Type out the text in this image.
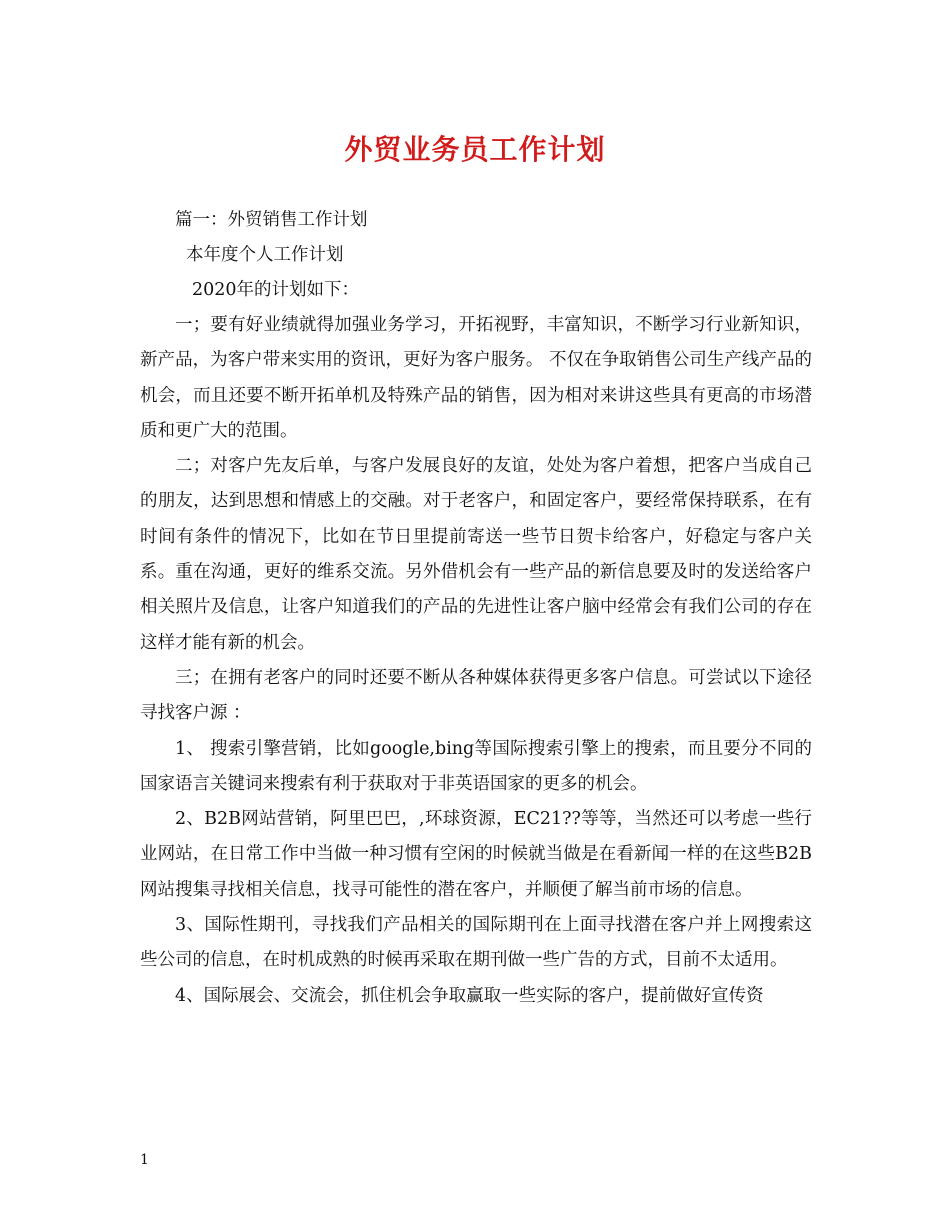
外贸业务员工作计划

篇一：外贸销售工作计划

本年度个人工作计划

2020年的计划如下：

一；要有好业绩就得加强业务学习，开拓视野，丰富知识，不断学习行业新知识，新产品，为客户带来实用的资讯，更好为客户服务。 不仅在争取销售公司生产线产品的机会，而且还要不断开拓单机及特殊产品的销售，因为相对来讲这些具有更高的市场潜质和更广大的范围。

二；对客户先友后单，与客户发展良好的友谊，处处为客户着想，把客户当成自己的朋友，达到思想和情感上的交融。对于老客户，和固定客户，要经常保持联系，在有时间有条件的情况下，比如在节日里提前寄送一些节日贺卡给客户，好稳定与客户关系。重在沟通，更好的维系交流。另外借机会有一些产品的新信息要及时的发送给客户相关照片及信息，让客户知道我们的产品的先进性让客户脑中经常会有我们公司的存在这样才能有新的机会。

三；在拥有老客户的同时还要不断从各种媒体获得更多客户信息。可尝试以下途径寻找客户源 ：

1、 搜索引擎营销，比如google,bing等国际搜索引擎上的搜索，而且要分不同的国家语言关键词来搜索有利于获取对于非英语国家的更多的机会。

2、B2B网站营销，阿里巴巴，,环球资源，EC21??等等，当然还可以考虑一些行业网站，在日常工作中当做一种习惯有空闲的时候就当做是在看新闻一样的在这些B2B网站搜集寻找相关信息，找寻可能性的潜在客户，并顺便了解当前市场的信息。

3、国际性期刊，寻找我们产品相关的国际期刊在上面寻找潜在客户并上网搜索这些公司的信息，在时机成熟的时候再采取在期刊做一些广告的方式，目前不太适用。

4、国际展会、交流会，抓住机会争取赢取一些实际的客户，提前做好宣传资

1
